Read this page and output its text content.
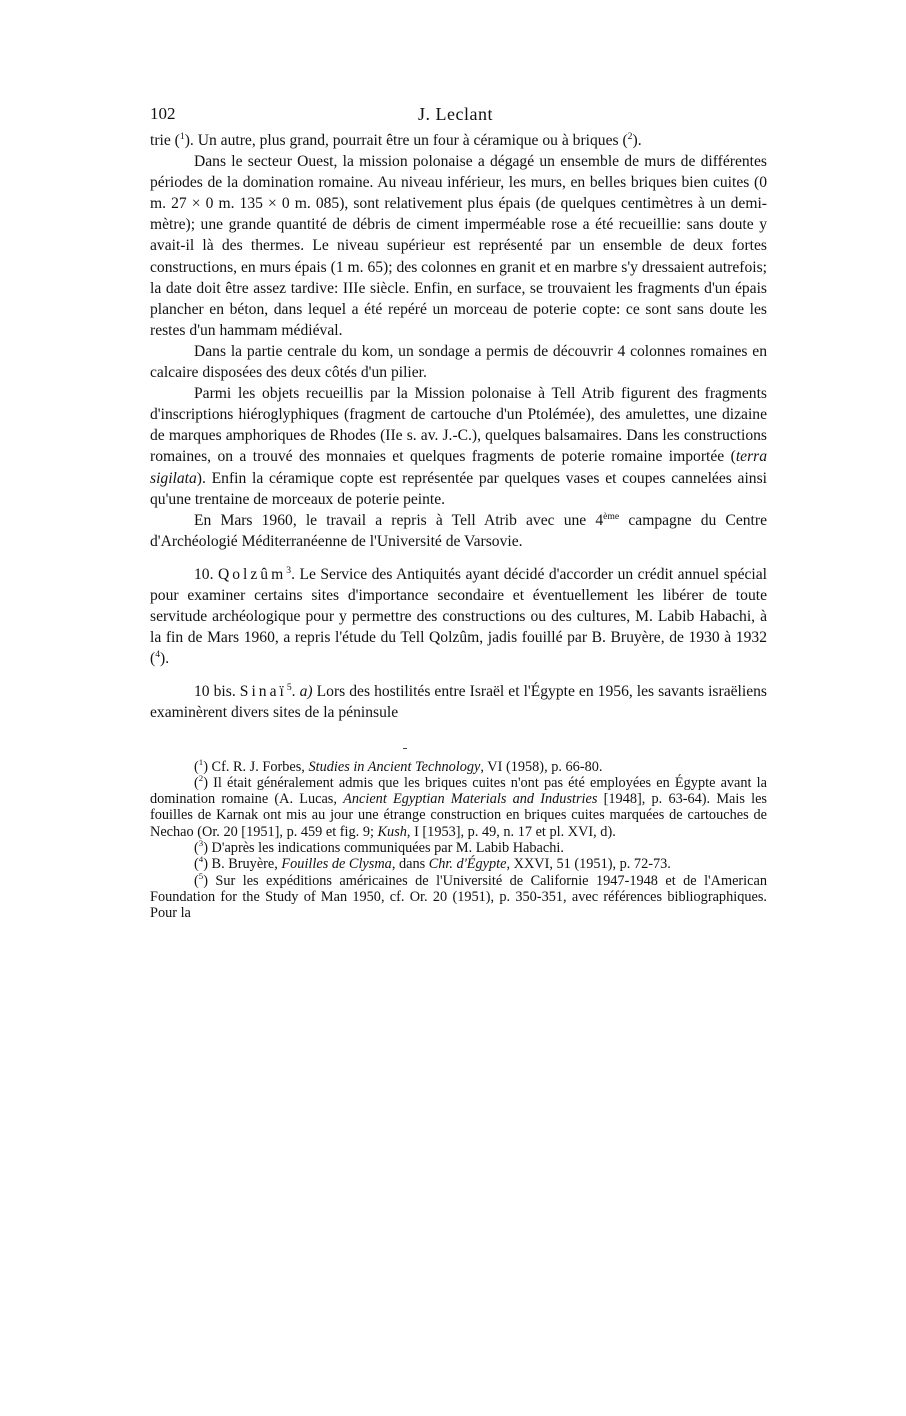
102	J. Leclant

trie ($^1$). Un autre, plus grand, pourrait être un four à céramique ou à briques ($^2$).

Dans le secteur Ouest, la mission polonaise a dégagé un ensemble de murs de différentes périodes de la domination romaine. Au niveau inférieur, les murs, en belles briques bien cuites (0 m. 27 × 0 m. 135 × 0 m. 085), sont relativement plus épais (de quelques centimètres à un demi-mètre); une grande quantité de débris de ciment imperméable rose a été recueillie: sans doute y avait-il là des thermes. Le niveau supérieur est représenté par un ensemble de deux fortes constructions, en murs épais (1 m. 65); des colonnes en granit et en marbre s'y dressaient autrefois; la date doit être assez tardive: IIIe siècle. Enfin, en surface, se trouvaient les fragments d'un épais plancher en béton, dans lequel a été repéré un morceau de poterie copte: ce sont sans doute les restes d'un hammam médiéval.

Dans la partie centrale du kom, un sondage a permis de découvrir 4 colonnes romaines en calcaire disposées des deux côtés d'un pilier.

Parmi les objets recueillis par la Mission polonaise à Tell Atrib figurent des fragments d'inscriptions hiéroglyphiques (fragment de cartouche d'un Ptolémée), des amulettes, une dizaine de marques amphoriques de Rhodes (IIe s. av. J.-C.), quelques balsamaires. Dans les constructions romaines, on a trouvé des monnaies et quelques fragments de poterie romaine importée (terra sigilata). Enfin la céramique copte est représentée par quelques vases et coupes cannelées ainsi qu'une trentaine de morceaux de poterie peinte.

En Mars 1960, le travail a repris à Tell Atrib avec une 4ème campagne du Centre d'Archéologié Méditerranéenne de l'Université de Varsovie.

10. Qolzûm$^3$. Le Service des Antiquités ayant décidé d'accorder un crédit annuel spécial pour examiner certains sites d'importance secondaire et éventuellement les libérer de toute servitude archéologique pour y permettre des constructions ou des cultures, M. Labib Habachi, à la fin de Mars 1960, a repris l'étude du Tell Qolzûm, jadis fouillé par B. Bruyère, de 1930 à 1932 ($^4$).

10 bis. Sinaï$^5$. a) Lors des hostilités entre Israël et l'Égypte en 1956, les savants israëliens examinèrent divers sites de la péninsule

($^1$) Cf. R. J. Forbes, Studies in Ancient Technology, VI (1958), p. 66-80.

($^2$) Il était généralement admis que les briques cuites n'ont pas été employées en Égypte avant la domination romaine (A. Lucas, Ancient Egyptian Materials and Industries [1948], p. 63-64). Mais les fouilles de Karnak ont mis au jour une étrange construction en briques cuites marquées de cartouches de Nechao (Or. 20 [1951], p. 459 et fig. 9; Kush, I [1953], p. 49, n. 17 et pl. XVI, d).

($^3$) D'après les indications communiquées par M. Labib Habachi.

($^4$) B. Bruyère, Fouilles de Clysma, dans Chr. d'Égypte, XXVI, 51 (1951), p. 72-73.

($^5$) Sur les expéditions américaines de l'Université de Californie 1947-1948 et de l'American Foundation for the Study of Man 1950, cf. Or. 20 (1951), p. 350-351, avec références bibliographiques. Pour la
